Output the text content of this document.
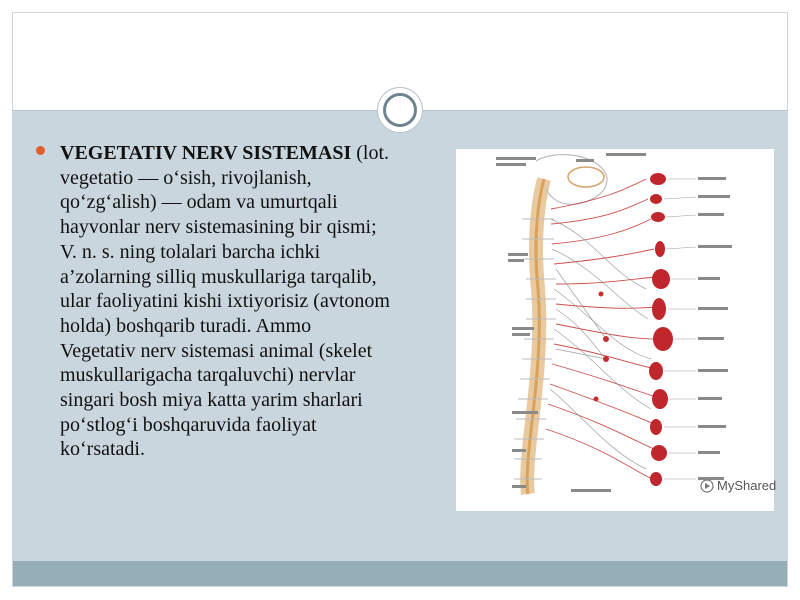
VEGETATIV NERV SISTEMASI (lot. vegetatio — o‘sish, rivojlanish, qo‘zg‘alish) — odam va umurtqali hayvonlar nerv sistemasining bir qismi; V. n. s. ning tolalari barcha ichki a’zolarning silliq muskullariga tarqalib, ular faoliyatini kishi ixtiyorisiz (avtonom holda) boshqarib turadi. Ammo Vegetativ nerv sistemasi animal (skelet muskullarigacha tarqaluvchi) nervlar singari bosh miya katta yarim sharlari po‘stlog‘i boshqaruvida faoliyat ko‘rsatadi.
MyShared
